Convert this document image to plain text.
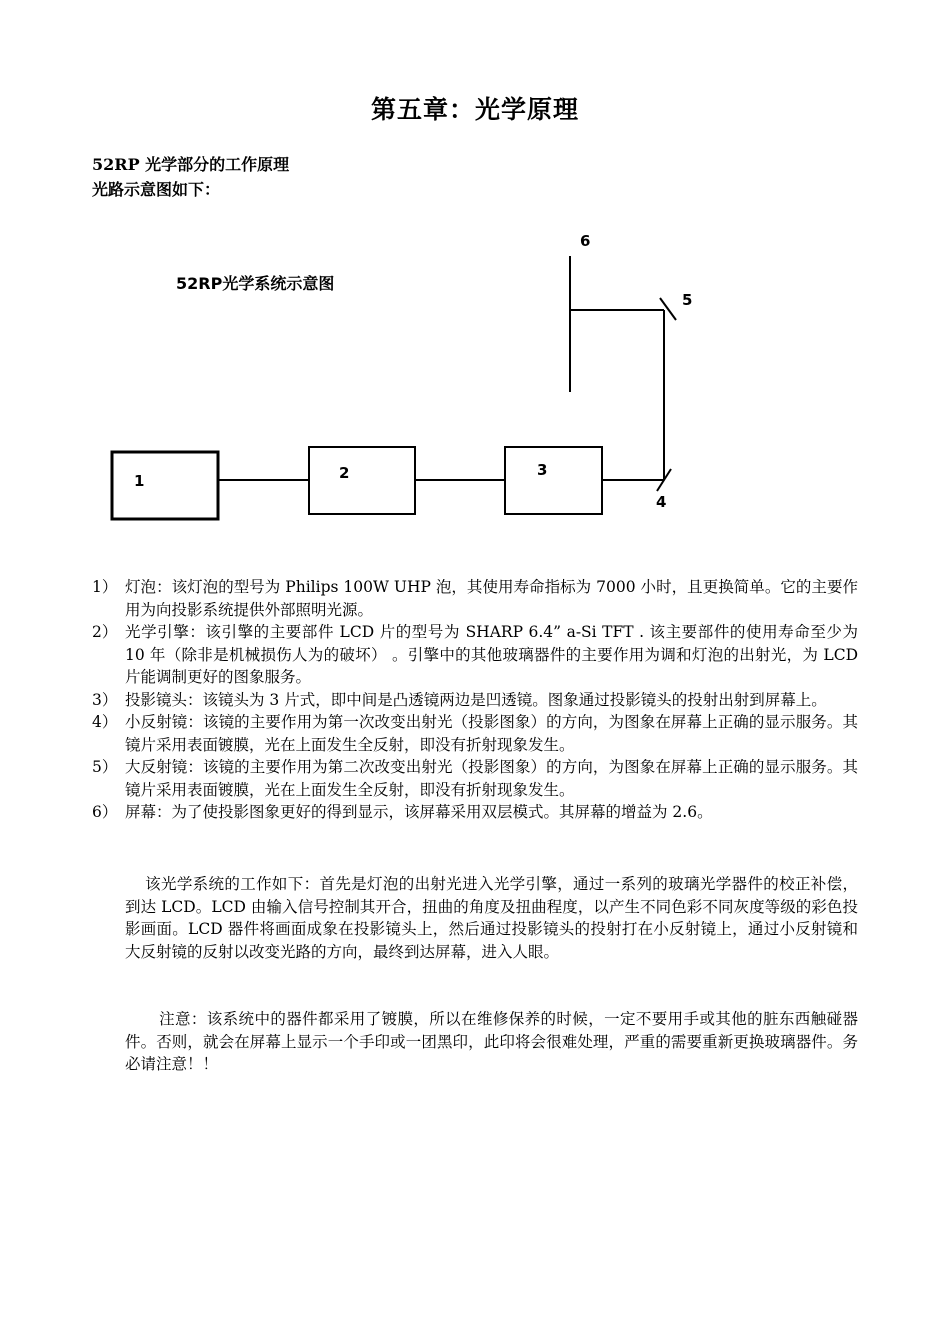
第五章：光学原理
52RP 光学部分的工作原理
光路示意图如下：
52RP光学系统示意图
1	2	3
4
5
6
1） 灯泡：该灯泡的型号为 Philips 100W UHP 泡，其使用寿命指标为 7000 小时，且更换简单。它的主要作用为向投影系统提供外部照明光源。
2） 光学引擎：该引擎的主要部件 LCD 片的型号为 SHARP 6.4” a-Si TFT . 该主要部件的使用寿命至少为 10 年（除非是机械损伤人为的破坏） 。引擎中的其他玻璃器件的主要作用为调和灯泡的出射光，为 LCD 片能调制更好的图象服务。
3） 投影镜头：该镜头为 3 片式，即中间是凸透镜两边是凹透镜。图象通过投影镜头的投射出射到屏幕上。
4） 小反射镜：该镜的主要作用为第一次改变出射光（投影图象）的方向，为图象在屏幕上正确的显示服务。其镜片采用表面镀膜，光在上面发生全反射，即没有折射现象发生。
5） 大反射镜：该镜的主要作用为第二次改变出射光（投影图象）的方向，为图象在屏幕上正确的显示服务。其镜片采用表面镀膜，光在上面发生全反射，即没有折射现象发生。
6） 屏幕：为了使投影图象更好的得到显示，该屏幕采用双层模式。其屏幕的增益为 2.6。

该光学系统的工作如下：首先是灯泡的出射光进入光学引擎，通过一系列的玻璃光学器件的校正补偿，到达 LCD。LCD 由输入信号控制其开合，扭曲的角度及扭曲程度，以产生不同色彩不同灰度等级的彩色投影画面。LCD 器件将画面成象在投影镜头上，然后通过投影镜头的投射打在小反射镜上，通过小反射镜和大反射镜的反射以改变光路的方向，最终到达屏幕，进入人眼。

注意：该系统中的器件都采用了镀膜，所以在维修保养的时候，一定不要用手或其他的脏东西触碰器件。否则，就会在屏幕上显示一个手印或一团黑印，此印将会很难处理，严重的需要重新更换玻璃器件。务必请注意！！
